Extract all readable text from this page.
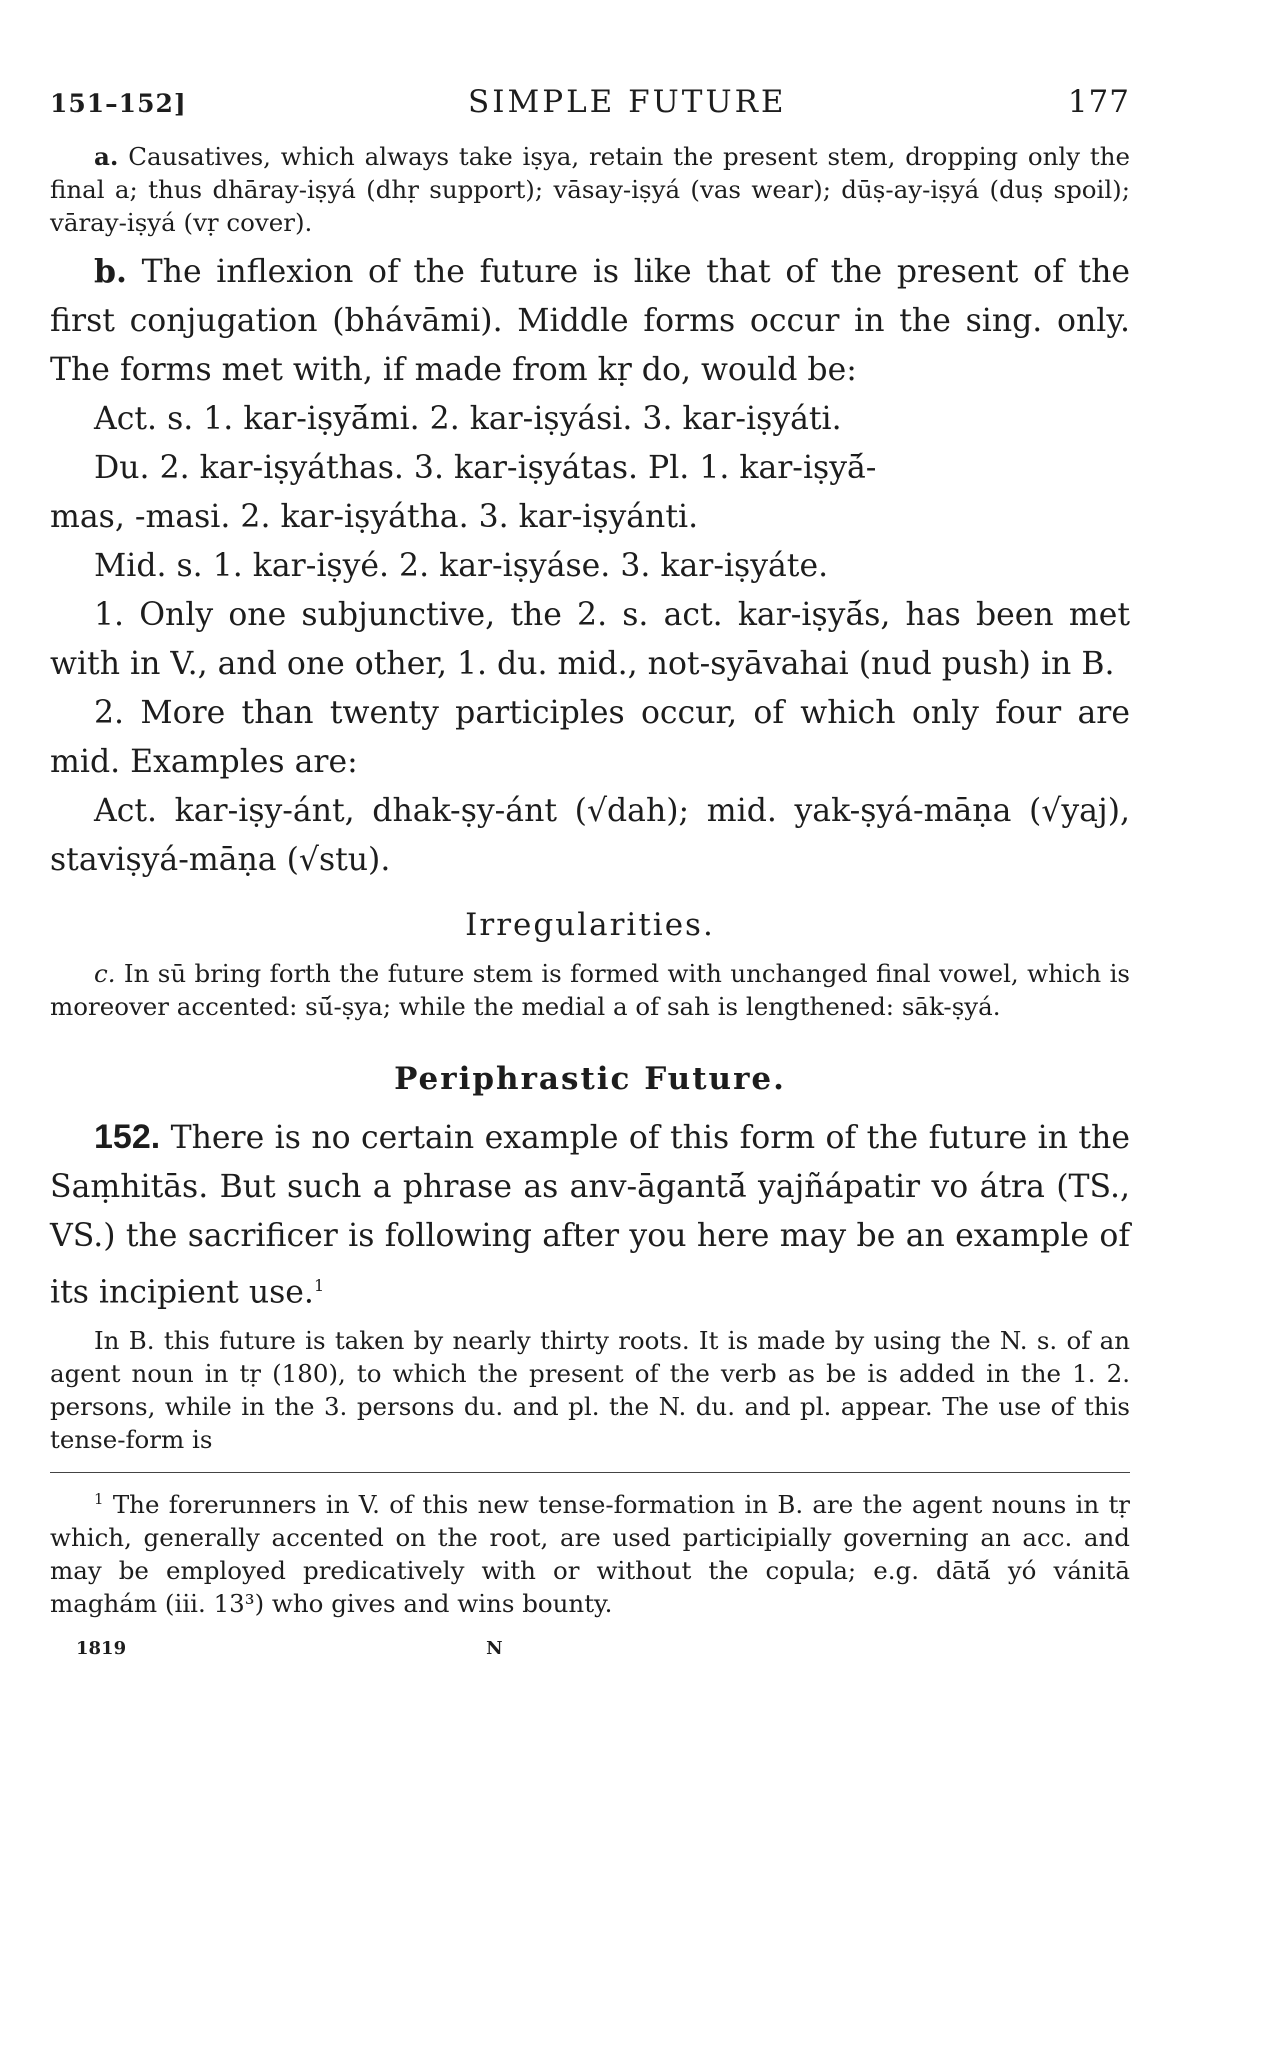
151–152]	SIMPLE FUTURE	177

a. Causatives, which always take iṣya, retain the present stem, dropping only the final a; thus dhāray-iṣyá (dhṛ support); vāsay-iṣyá (vas wear); dūṣ-ay-iṣyá (duṣ spoil); vāray-iṣyá (vṛ cover).

b. The inflexion of the future is like that of the present of the first conjugation (bhávāmi). Middle forms occur in the sing. only. The forms met with, if made from kṛ do, would be:

Act. s. 1. kar-iṣyā́mi. 2. kar-iṣyási. 3. kar-iṣyáti.
Du. 2. kar-iṣyáthas. 3. kar-iṣyátas. Pl. 1. kar-iṣyā́-
mas, -masi. 2. kar-iṣyátha. 3. kar-iṣyánti.
Mid. s. 1. kar-iṣyé. 2. kar-iṣyáse. 3. kar-iṣyáte.

1. Only one subjunctive, the 2. s. act. kar-iṣyā́s, has been met with in V., and one other, 1. du. mid., not-syāvahai (nud push) in B.

2. More than twenty participles occur, of which only four are mid. Examples are:

Act. kar-iṣy-ánt, dhak-ṣy-ánt (√dah); mid. yak-ṣyá-māṇa (√yaj), staviṣyá-māṇa (√stu).

Irregularities.

c. In sū bring forth the future stem is formed with unchanged final vowel, which is moreover accented: sū́-ṣya; while the medial a of sah is lengthened: sāk-ṣyá.

Periphrastic Future.

152. There is no certain example of this form of the future in the Saṃhitās. But such a phrase as anv-āgantā́ yajñápatir vo átra (TS., VS.) the sacrificer is following after you here may be an example of its incipient use.$^1$

In B. this future is taken by nearly thirty roots. It is made by using the N. s. of an agent noun in tṛ (180), to which the present of the verb as be is added in the 1. 2. persons, while in the 3. persons du. and pl. the N. du. and pl. appear. The use of this tense-form is

$^1$ The forerunners in V. of this new tense-formation in B. are the agent nouns in tṛ which, generally accented on the root, are used participially governing an acc. and may be employed predicatively with or without the copula; e.g. dātā́ yó vánitā maghám (iii. 13³) who gives and wins bounty.

1819	N
